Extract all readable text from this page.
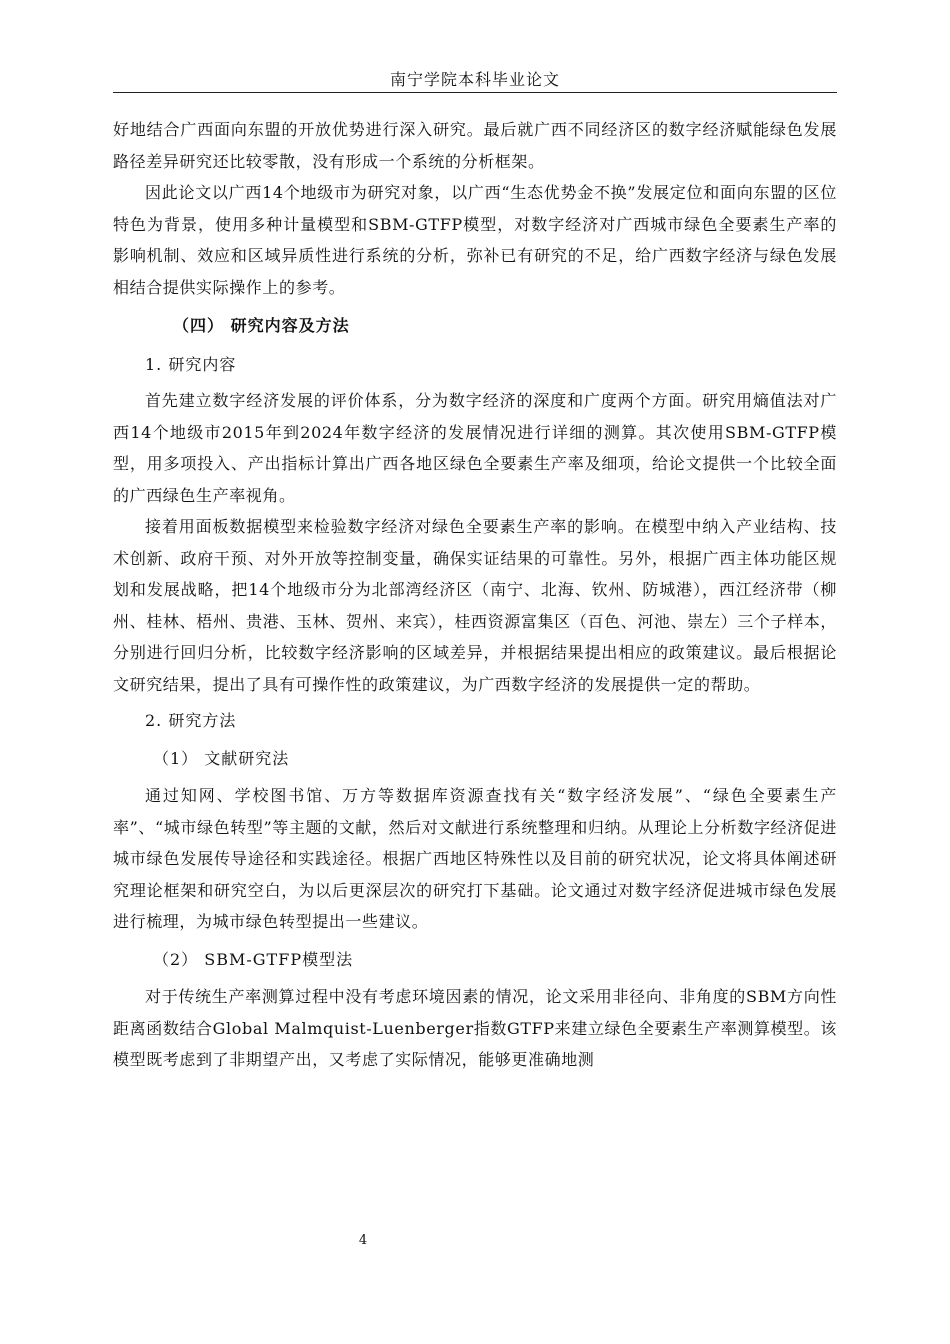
南宁学院本科毕业论文

好地结合广西面向东盟的开放优势进行深入研究。最后就广西不同经济区的数字经济赋能绿色发展路径差异研究还比较零散，没有形成一个系统的分析框架。

因此论文以广西14个地级市为研究对象，以广西“生态优势金不换”发展定位和面向东盟的区位特色为背景，使用多种计量模型和SBM-GTFP模型，对数字经济对广西城市绿色全要素生产率的影响机制、效应和区域异质性进行系统的分析，弥补已有研究的不足，给广西数字经济与绿色发展相结合提供实际操作上的参考。

（四） 研究内容及方法
1. 研究内容

首先建立数字经济发展的评价体系，分为数字经济的深度和广度两个方面。研究用熵值法对广西14个地级市2015年到2024年数字经济的发展情况进行详细的测算。其次使用SBM-GTFP模型，用多项投入、产出指标计算出广西各地区绿色全要素生产率及细项，给论文提供一个比较全面的广西绿色生产率视角。

接着用面板数据模型来检验数字经济对绿色全要素生产率的影响。在模型中纳入产业结构、技术创新、政府干预、对外开放等控制变量，确保实证结果的可靠性。另外，根据广西主体功能区规划和发展战略，把14个地级市分为北部湾经济区（南宁、北海、钦州、防城港），西江经济带（柳州、桂林、梧州、贵港、玉林、贺州、来宾），桂西资源富集区（百色、河池、崇左）三个子样本，分别进行回归分析，比较数字经济影响的区域差异，并根据结果提出相应的政策建议。最后根据论文研究结果，提出了具有可操作性的政策建议，为广西数字经济的发展提供一定的帮助。

2. 研究方法
（1） 文献研究法

通过知网、学校图书馆、万方等数据库资源查找有关“数字经济发展”、“绿色全要素生产率”、“城市绿色转型”等主题的文献，然后对文献进行系统整理和归纳。从理论上分析数字经济促进城市绿色发展传导途径和实践途径。根据广西地区特殊性以及目前的研究状况，论文将具体阐述研究理论框架和研究空白，为以后更深层次的研究打下基础。论文通过对数字经济促进城市绿色发展进行梳理，为城市绿色转型提出一些建议。

（2） SBM-GTFP模型法

对于传统生产率测算过程中没有考虑环境因素的情况，论文采用非径向、非角度的SBM方向性距离函数结合Global Malmquist-Luenberger指数GTFP来建立绿色全要素生产率测算模型。该模型既考虑到了非期望产出，又考虑了实际情况，能够更准确地测

4
